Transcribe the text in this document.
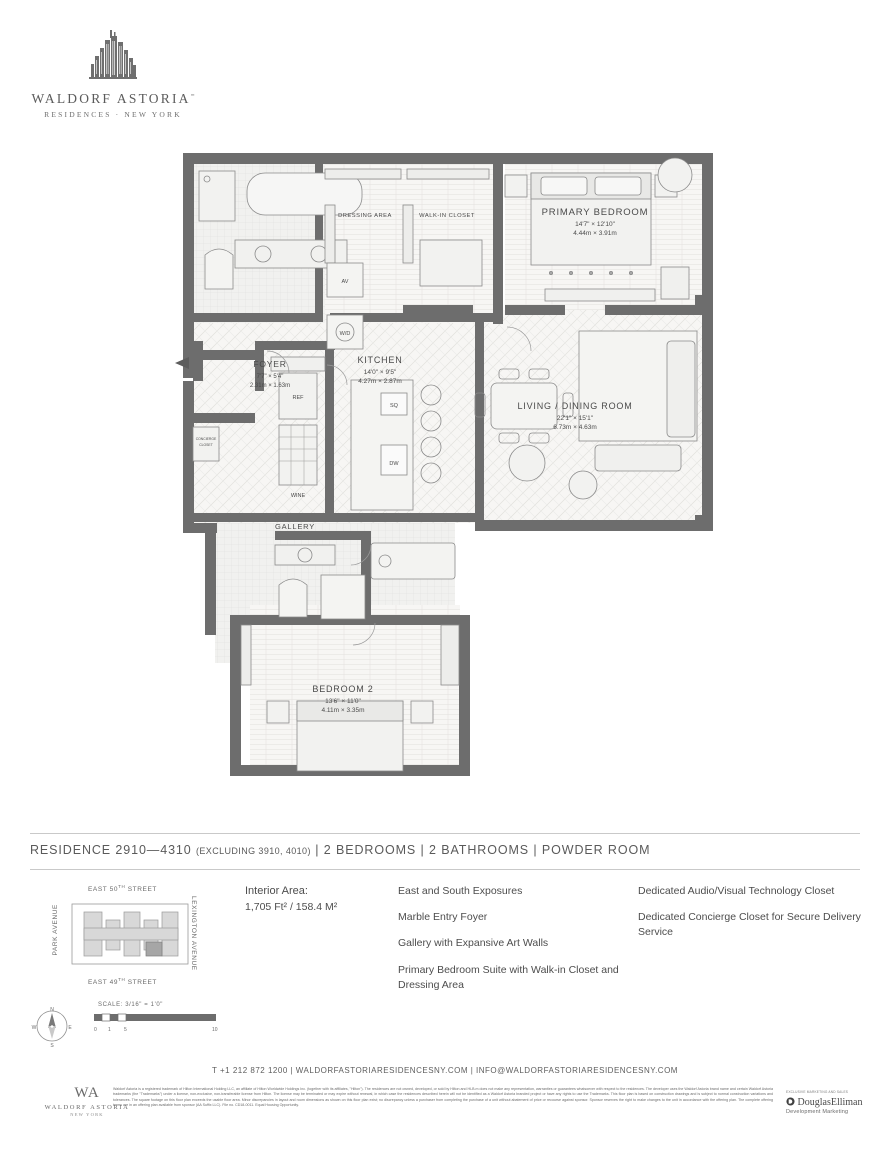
WALDORF ASTORIA=
RESIDENCES · NEW YORK
PRIMARY BEDROOM
14'7" × 12'10"
4.44m × 3.91m
LIVING / DINING ROOM
22'1" × 15'1"
6.73m × 4.63m
KITCHEN
14'0" × 9'5"
4.27m × 2.87m
FOYER
7'7" × 5'4"
2.31m × 1.63m
BEDROOM 2
13'6" × 11'0"
4.11m × 3.35m
DRESSING AREA	WALK-IN CLOSET
AV
W/D
REF
WINE
DW
SQ
GALLERY
CONCIERGE
CLOSET
RESIDENCE 2910—4310 (EXCLUDING 3910, 4010) | 2 BEDROOMS | 2 BATHROOMS | POWDER ROOM
EAST 50TH STREET
EAST 49TH STREET
PARK AVENUE	LEXINGTON AVENUE
Interior Area:
1,705 Ft² / 158.4 M²
East and South Exposures
Marble Entry Foyer
Gallery with Expansive Art Walls
Primary Bedroom Suite with Walk-in Closet and Dressing Area
Dedicated Audio/Visual Technology Closet
Dedicated Concierge Closet for Secure Delivery Service
N
S
E
W
SCALE: 3/16" = 1'0"
0 1	5	10
T +1 212 872 1200 | WALDORFASTORIARESIDENCESNY.COM | INFO@WALDORFASTORIARESIDENCESNY.COM
WA
WALDORF ASTORIA
NEW YORK
Waldorf Astoria is a registered trademark of Hilton International Holding LLC, an affiliate of Hilton Worldwide Holdings Inc. (together with its affiliates, "Hilton"). The residences are not owned, developed, or sold by Hilton and HLB.m does not make any representation, warranties or guarantees whatsoever with respect to the residences. The developer uses the Waldorf Astoria brand name and certain Waldorf Astoria trademarks (the "Trademarks") under a license, non-exclusive, non-transferable license from Hilton. The license may be terminated or may expire without renewal, in which case the residences described herein will not be identified as a Waldorf Astoria branded project or have any rights to use the Trademarks. This floor plan is based on construction drawings and is subject to normal construction variations and tolerances. The square footage on this floor plan exceeds the usable floor area. Minor discrepancies in layout and room dimensions as shown on this floor plan exist; no discrepancy unless a purchaser from completing the purchase of a unit without abatement of price or recourse against sponsor. Sponsor reserves the right to make changes to the unit in accordance with the offering plan. The complete offering terms are in an offering plan available from sponsor (AA Suffix LLC). File no. CD18-0011. Equal Housing Opportunity.
EXCLUSIVE MARKETING AND SALES
DouglasElliman
Development Marketing
